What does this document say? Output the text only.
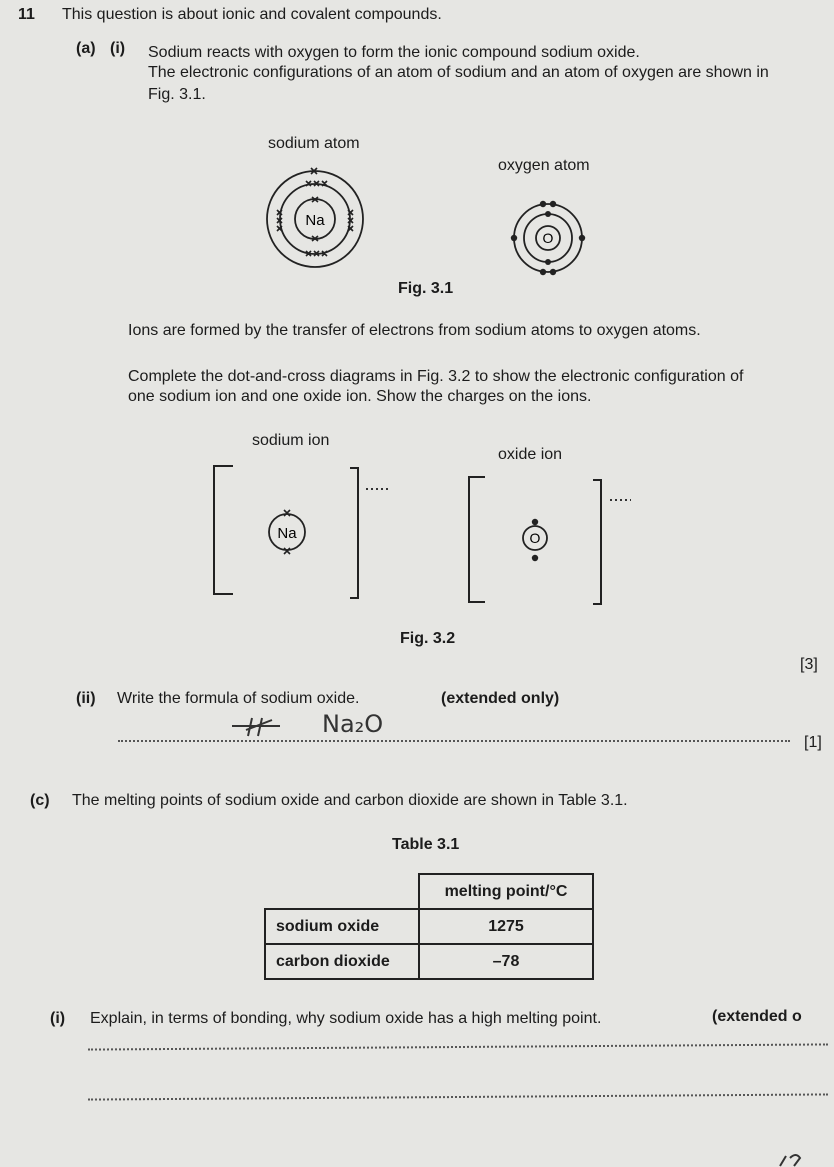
11 This question is about ionic and covalent compounds.
(a) (i) Sodium reacts with oxygen to form the ionic compound sodium oxide.
The electronic configurations of an atom of sodium and an atom of oxygen are shown in
Fig. 3.1.
sodium atom
oxygen atom
Na
O
Fig. 3.1
Ions are formed by the transfer of electrons from sodium atoms to oxygen atoms.
Complete the dot-and-cross diagrams in Fig. 3.2 to show the electronic configuration of
one sodium ion and one oxide ion. Show the charges on the ions.
sodium ion
oxide ion
Na	O
Fig. 3.2
[3]
(ii) Write the formula of sodium oxide.	(extended only)
Na₂O
[1]
(c) The melting points of sodium oxide and carbon dioxide are shown in Table 3.1.
Table 3.1
	melting point/°C
sodium oxide	1275
carbon dioxide	–78
(i) Explain, in terms of bonding, why sodium oxide has a high melting point.	(extended o
